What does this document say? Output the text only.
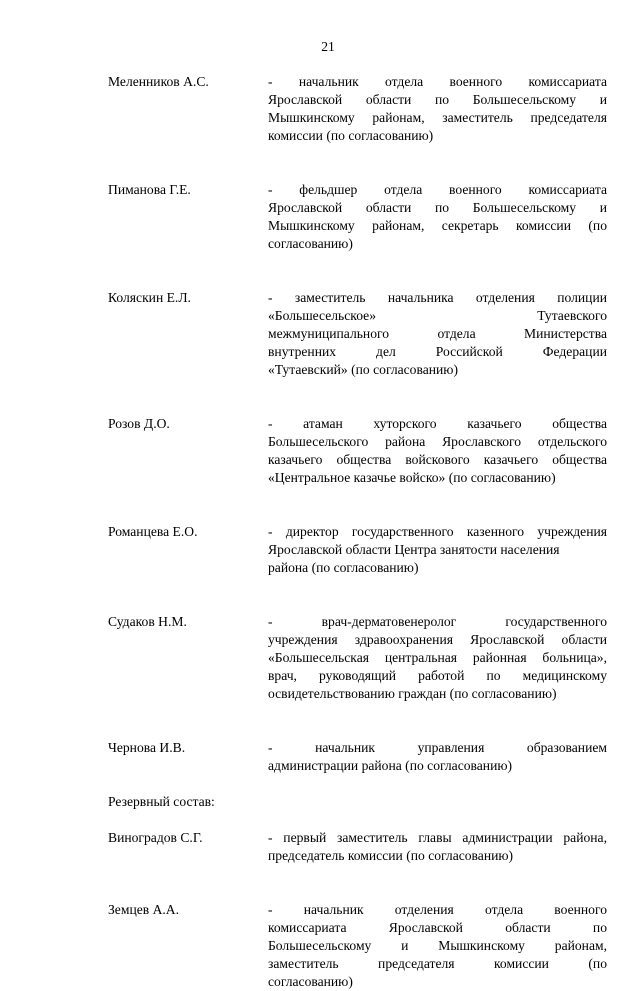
21
Меленников А.С.	- начальник отдела военного комиссариата
Ярославской области по Большесельскому и
Мышкинскому районам, заместитель председателя
комиссии (по согласованию)
Пиманова Г.Е.	- фельдшер отдела военного комиссариата
Ярославской области по Большесельскому и
Мышкинскому районам, секретарь комиссии (по
согласованию)
Коляскин Е.Л.	- заместитель начальника отделения полиции
«Большесельское» Тутаевского
межмуниципального отдела Министерства
внутренних дел Российской Федерации
«Тутаевский» (по согласованию)
Розов Д.О.	- атаман хуторского казачьего общества
Большесельского района Ярославского отдельского
казачьего общества войскового казачьего общества
«Центральное казачье войско» (по согласованию)
Романцева Е.О.	- директор государственного казенного учреждения
Ярославской области Центра занятости населения
района (по согласованию)
Судаков Н.М.	- врач-дерматовенеролог государственного
учреждения здравоохранения Ярославской области
«Большесельская центральная районная больница»,
врач, руководящий работой по медицинскому
освидетельствованию граждан (по согласованию)
Чернова И.В.	- начальник управления образованием
администрации района (по согласованию)
Резервный состав:
Виноградов С.Г.	- первый заместитель главы администрации района,
председатель комиссии (по согласованию)
Земцев А.А.	- начальник отделения отдела военного
комиссариата Ярославской области по
Большесельскому и Мышкинскому районам,
заместитель председателя комиссии (по
согласованию)
